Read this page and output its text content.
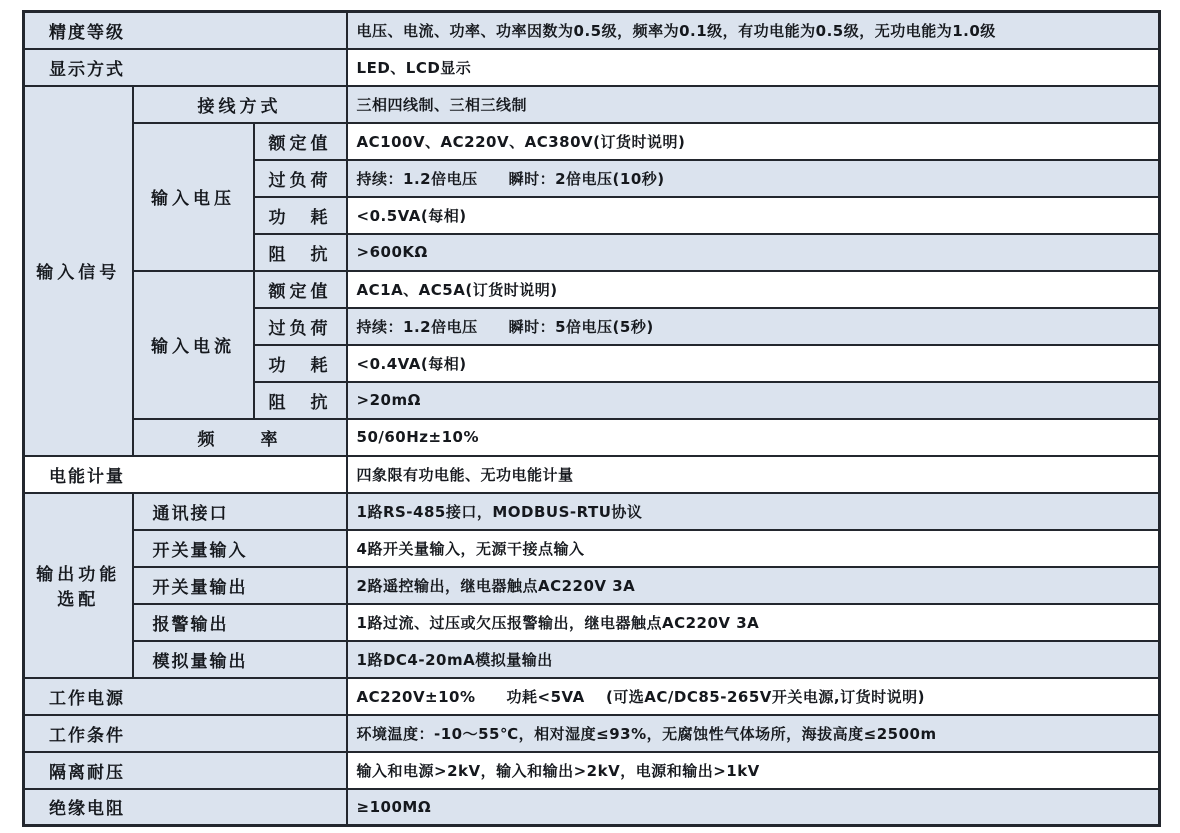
精度等级			电压、电流、功率、功率因数为0.5级，频率为0.1级，有功电能为0.5级，无功电能为1.0级
显示方式			LED、LCD显示
输入信号	接线方式		三相四线制、三相三线制
	输入电压	额定值	AC100V、AC220V、AC380V(订货时说明)
		过负荷	持续：1.2倍电压　　瞬时：2倍电压(10秒)
		功　耗	<0.5VA(每相)
		阻　抗	>600KΩ
	输入电流	额定值	AC1A、AC5A(订货时说明)
		过负荷	持续：1.2倍电压　　瞬时：5倍电压(5秒)
		功　耗	<0.4VA(每相)
		阻　抗	>20mΩ
	频　　率		50/60Hz±10%
电能计量			四象限有功电能、无功电能计量
输出功能选配	通讯接口		1路RS-485接口，MODBUS-RTU协议
	开关量输入		4路开关量输入，无源干接点输入
	开关量输出		2路遥控输出，继电器触点AC220V 3A
	报警输出		1路过流、过压或欠压报警输出，继电器触点AC220V 3A
	模拟量输出		1路DC4-20mA模拟量输出
工作电源			AC220V±10%　　功耗<5VA　 (可选AC/DC85-265V开关电源,订货时说明)
工作条件			环境温度：-10～55℃，相对湿度≤93%，无腐蚀性气体场所，海拔高度≤2500m
隔离耐压			输入和电源>2kV，输入和输出>2kV，电源和输出>1kV
绝缘电阻			≥100MΩ
